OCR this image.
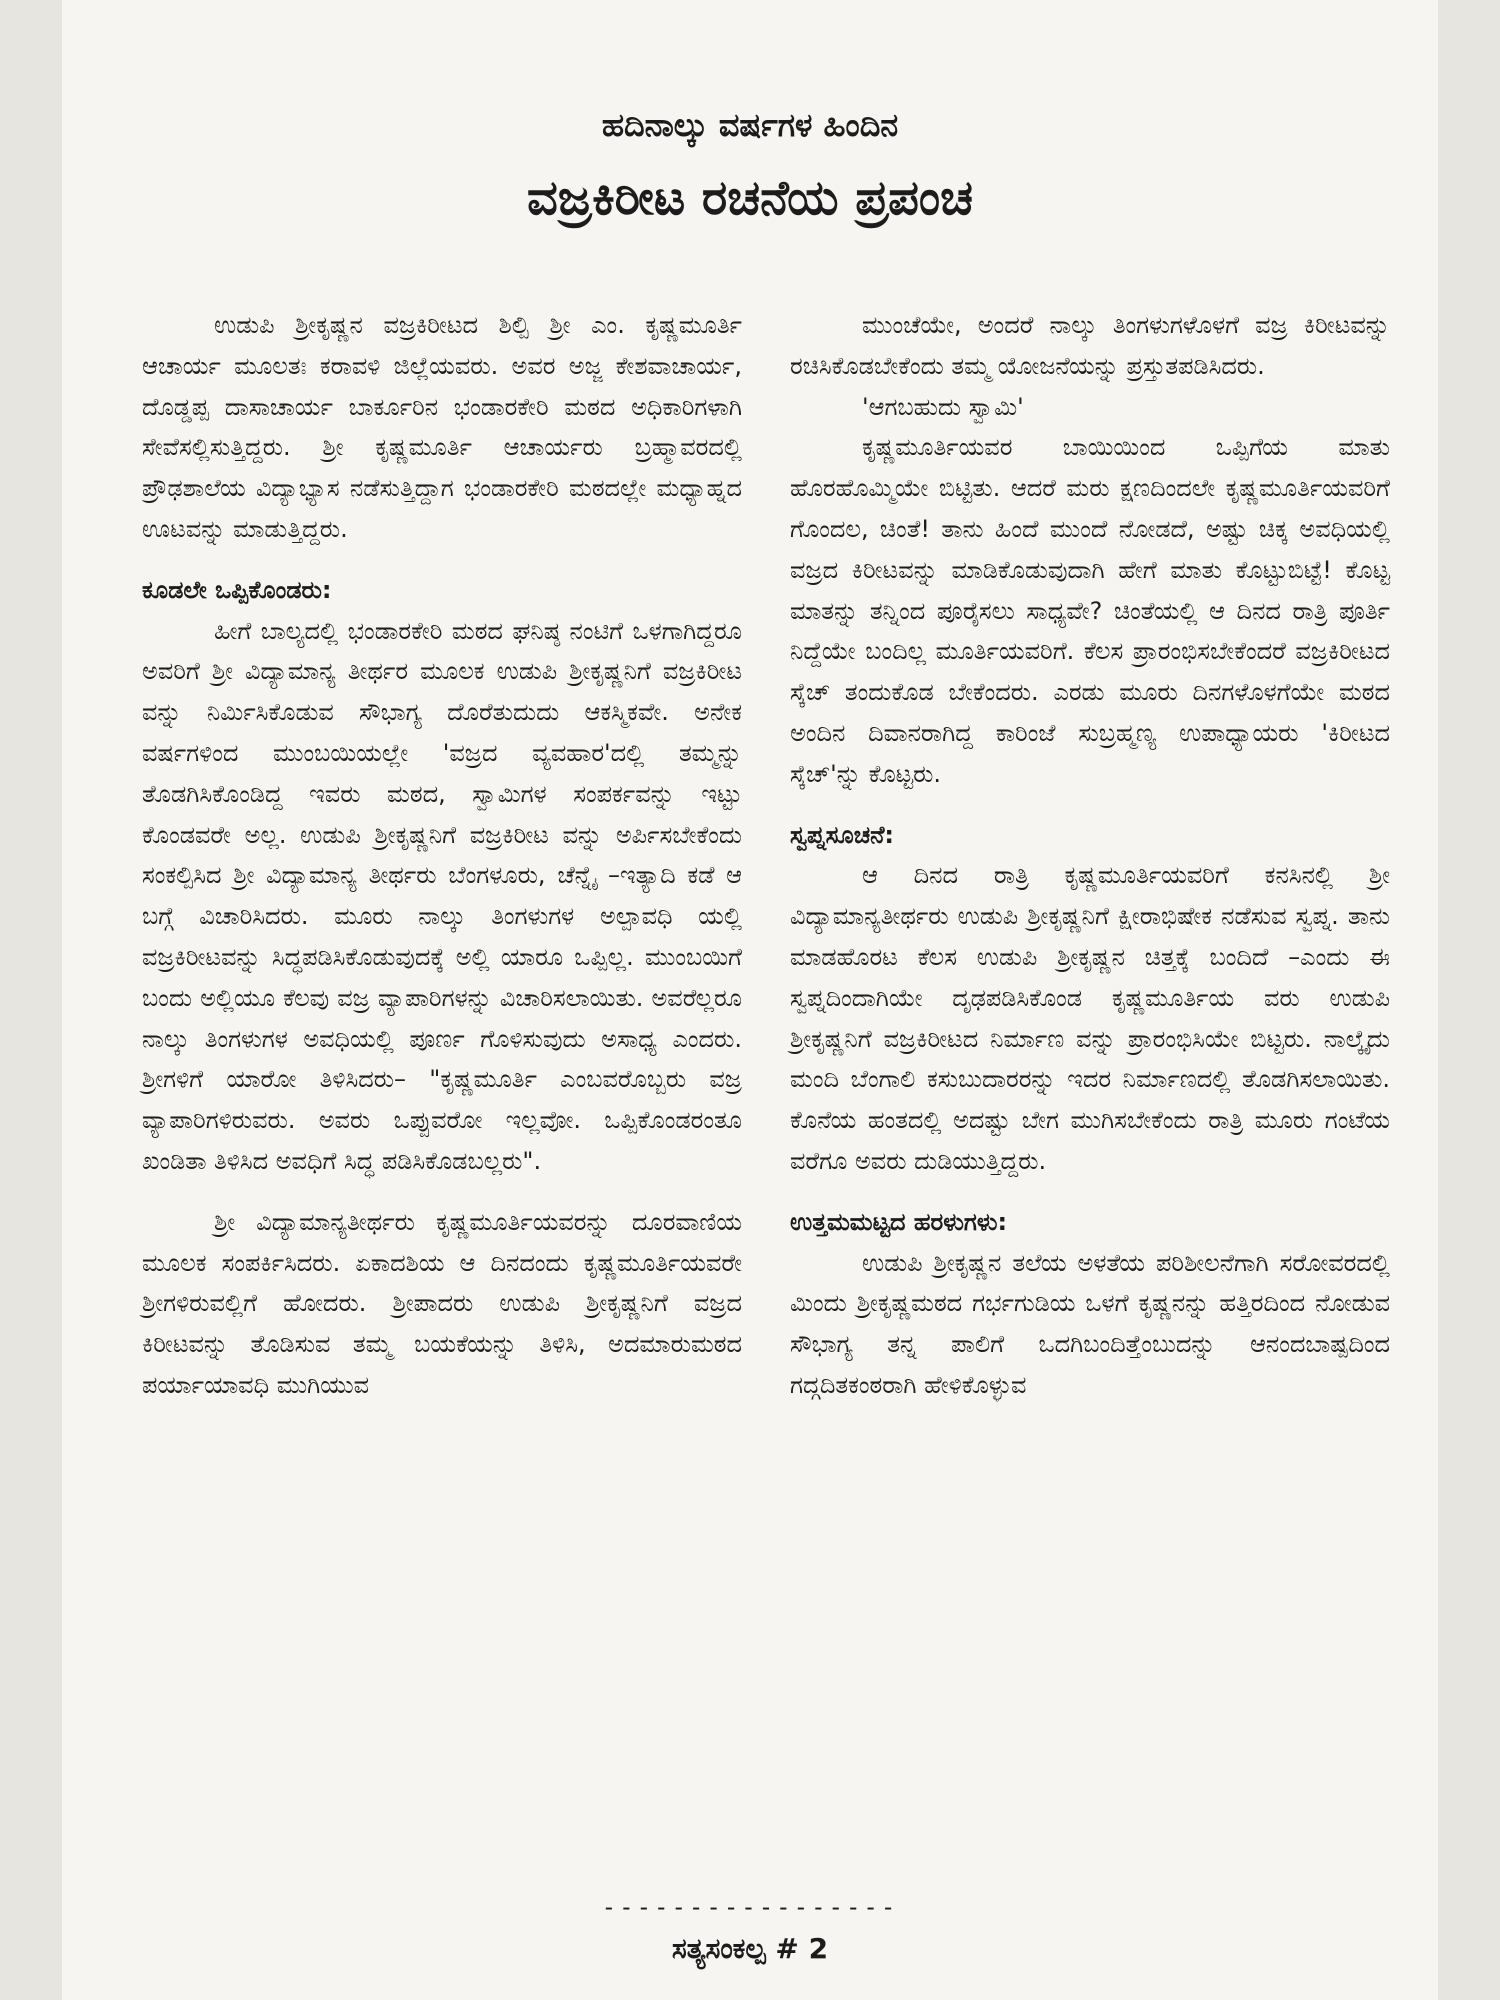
ಹದಿನಾಲ್ಕು ವರ್ಷಗಳ ಹಿಂದಿನ
ವಜ್ರಕಿರೀಟ ರಚನೆಯ ಪ್ರಪಂಚ

ಉಡುಪಿ ಶ್ರೀಕೃಷ್ಣನ ವಜ್ರಕಿರೀಟದ ಶಿಲ್ಪಿ ಶ್ರೀ ಎಂ. ಕೃಷ್ಣಮೂರ್ತಿ ಆಚಾರ್ಯ ಮೂಲತಃ ಕರಾವಳಿ ಜಿಲ್ಲೆಯವರು. ಅವರ ಅಜ್ಜ ಕೇಶವಾಚಾರ್ಯ, ದೊಡ್ಡಪ್ಪ ದಾಸಾಚಾರ್ಯ ಬಾರ್ಕೂರಿನ ಭಂಡಾರಕೇರಿ ಮಠದ ಅಧಿಕಾರಿಗಳಾಗಿ ಸೇವೆಸಲ್ಲಿಸುತ್ತಿದ್ದರು. ಶ್ರೀ ಕೃಷ್ಣಮೂರ್ತಿ ಆಚಾರ್ಯರು ಬ್ರಹ್ಮಾವರದಲ್ಲಿ ಪ್ರೌಢಶಾಲೆಯ ವಿದ್ಯಾಭ್ಯಾಸ ನಡೆಸುತ್ತಿದ್ದಾಗ ಭಂಡಾರಕೇರಿ ಮಠದಲ್ಲೇ ಮಧ್ಯಾಹ್ನದ ಊಟವನ್ನು ಮಾಡುತ್ತಿದ್ದರು.

ಕೂಡಲೇ ಒಪ್ಪಿಕೊಂಡರು:

ಹೀಗೆ ಬಾಲ್ಯದಲ್ಲಿ ಭಂಡಾರಕೇರಿ ಮಠದ ಘನಿಷ್ಠ ನಂಟಿಗೆ ಒಳಗಾಗಿದ್ದರೂ ಅವರಿಗೆ ಶ್ರೀ ವಿದ್ಯಾಮಾನ್ಯ ತೀರ್ಥರ ಮೂಲಕ ಉಡುಪಿ ಶ್ರೀಕೃಷ್ಣನಿಗೆ ವಜ್ರಕಿರೀಟ ವನ್ನು ನಿರ್ಮಿಸಿಕೊಡುವ ಸೌಭಾಗ್ಯ ದೊರೆತುದುದು ಆಕಸ್ಮಿಕವೇ. ಅನೇಕ ವರ್ಷಗಳಿಂದ ಮುಂಬಯಿಯಲ್ಲೇ 'ವಜ್ರದ ವ್ಯವಹಾರ'ದಲ್ಲಿ ತಮ್ಮನ್ನು ತೊಡಗಿಸಿಕೊಂಡಿದ್ದ ಇವರು ಮಠದ, ಸ್ವಾಮಿಗಳ ಸಂಪರ್ಕವನ್ನು ಇಟ್ಟು ಕೊಂಡವರೇ ಅಲ್ಲ. ಉಡುಪಿ ಶ್ರೀಕೃಷ್ಣನಿಗೆ ವಜ್ರಕಿರೀಟ ವನ್ನು ಅರ್ಪಿಸಬೇಕೆಂದು ಸಂಕಲ್ಪಿಸಿದ ಶ್ರೀ ವಿದ್ಯಾಮಾನ್ಯ ತೀರ್ಥರು ಬೆಂಗಳೂರು, ಚೆನ್ನೈ –ಇತ್ಯಾದಿ ಕಡೆ ಆ ಬಗ್ಗೆ ವಿಚಾರಿಸಿದರು. ಮೂರು ನಾಲ್ಕು ತಿಂಗಳುಗಳ ಅಲ್ಪಾವಧಿ ಯಲ್ಲಿ ವಜ್ರಕಿರೀಟವನ್ನು ಸಿದ್ಧಪಡಿಸಿಕೊಡುವುದಕ್ಕೆ ಅಲ್ಲಿ ಯಾರೂ ಒಪ್ಪಿಲ್ಲ. ಮುಂಬಯಿಗೆ ಬಂದು ಅಲ್ಲಿಯೂ ಕೆಲವು ವಜ್ರ ವ್ಯಾಪಾರಿಗಳನ್ನು ವಿಚಾರಿಸಲಾಯಿತು. ಅವರೆಲ್ಲರೂ ನಾಲ್ಕು ತಿಂಗಳುಗಳ ಅವಧಿಯಲ್ಲಿ ಪೂರ್ಣ ಗೊಳಿಸುವುದು ಅಸಾಧ್ಯ ಎಂದರು. ಶ್ರೀಗಳಿಗೆ ಯಾರೋ ತಿಳಿಸಿದರು– "ಕೃಷ್ಣಮೂರ್ತಿ ಎಂಬವರೊಬ್ಬರು ವಜ್ರ ವ್ಯಾಪಾರಿಗಳಿರುವರು. ಅವರು ಒಪ್ಪುವರೋ ಇಲ್ಲವೋ. ಒಪ್ಪಿಕೊಂಡರಂತೂ ಖಂಡಿತಾ ತಿಳಿಸಿದ ಅವಧಿಗೆ ಸಿದ್ಧ ಪಡಿಸಿಕೊಡಬಲ್ಲರು".

ಶ್ರೀ ವಿದ್ಯಾಮಾನ್ಯತೀರ್ಥರು ಕೃಷ್ಣಮೂರ್ತಿಯವರನ್ನು ದೂರವಾಣಿಯ ಮೂಲಕ ಸಂಪರ್ಕಿಸಿದರು. ಏಕಾದಶಿಯ ಆ ದಿನದಂದು ಕೃಷ್ಣಮೂರ್ತಿಯವರೇ ಶ್ರೀಗಳಿರುವಲ್ಲಿಗೆ ಹೋದರು. ಶ್ರೀಪಾದರು ಉಡುಪಿ ಶ್ರೀಕೃಷ್ಣನಿಗೆ ವಜ್ರದ ಕಿರೀಟವನ್ನು ತೊಡಿಸುವ ತಮ್ಮ ಬಯಕೆಯನ್ನು ತಿಳಿಸಿ, ಅದಮಾರುಮಠದ ಪರ್ಯಾಯಾವಧಿ ಮುಗಿಯುವ

ಮುಂಚೆಯೇ, ಅಂದರೆ ನಾಲ್ಕು ತಿಂಗಳುಗಳೊಳಗೆ ವಜ್ರ ಕಿರೀಟವನ್ನು ರಚಿಸಿಕೊಡಬೇಕೆಂದು ತಮ್ಮ ಯೋಜನೆಯನ್ನು ಪ್ರಸ್ತುತಪಡಿಸಿದರು.

'ಆಗಬಹುದು ಸ್ವಾಮಿ'

ಕೃಷ್ಣಮೂರ್ತಿಯವರ ಬಾಯಿಯಿಂದ ಒಪ್ಪಿಗೆಯ ಮಾತು ಹೊರಹೊಮ್ಮಿಯೇ ಬಿಟ್ಟಿತು. ಆದರೆ ಮರು ಕ್ಷಣದಿಂದಲೇ ಕೃಷ್ಣಮೂರ್ತಿಯವರಿಗೆ ಗೊಂದಲ, ಚಿಂತೆ! ತಾನು ಹಿಂದೆ ಮುಂದೆ ನೋಡದೆ, ಅಷ್ಟು ಚಿಕ್ಕ ಅವಧಿಯಲ್ಲಿ ವಜ್ರದ ಕಿರೀಟವನ್ನು ಮಾಡಿಕೊಡುವುದಾಗಿ ಹೇಗೆ ಮಾತು ಕೊಟ್ಟುಬಿಟ್ಟೆ! ಕೊಟ್ಟ ಮಾತನ್ನು ತನ್ನಿಂದ ಪೂರೈಸಲು ಸಾಧ್ಯವೇ? ಚಿಂತೆಯಲ್ಲಿ ಆ ದಿನದ ರಾತ್ರಿ ಪೂರ್ತಿ ನಿದ್ದೆಯೇ ಬಂದಿಲ್ಲ ಮೂರ್ತಿಯವರಿಗೆ. ಕೆಲಸ ಪ್ರಾರಂಭಿಸಬೇಕೆಂದರೆ ವಜ್ರಕಿರೀಟದ ಸ್ಕೆಚ್ ತಂದುಕೊಡ ಬೇಕೆಂದರು. ಎರಡು ಮೂರು ದಿನಗಳೊಳಗೆಯೇ ಮಠದ ಅಂದಿನ ದಿವಾನರಾಗಿದ್ದ ಕಾರಿಂಜೆ ಸುಬ್ರಹ್ಮಣ್ಯ ಉಪಾಧ್ಯಾಯರು 'ಕಿರೀಟದ ಸ್ಕೆಚ್'ನ್ನು ಕೊಟ್ಟರು.

ಸ್ವಪ್ನಸೂಚನೆ:

ಆ ದಿನದ ರಾತ್ರಿ ಕೃಷ್ಣಮೂರ್ತಿಯವರಿಗೆ ಕನಸಿನಲ್ಲಿ ಶ್ರೀ ವಿದ್ಯಾಮಾನ್ಯತೀರ್ಥರು ಉಡುಪಿ ಶ್ರೀಕೃಷ್ಣನಿಗೆ ಕ್ಷೀರಾಭಿಷೇಕ ನಡೆಸುವ ಸ್ವಪ್ನ. ತಾನು ಮಾಡಹೊರಟ ಕೆಲಸ ಉಡುಪಿ ಶ್ರೀಕೃಷ್ಣನ ಚಿತ್ತಕ್ಕೆ ಬಂದಿದೆ –ಎಂದು ಈ ಸ್ವಪ್ನದಿಂದಾಗಿಯೇ ದೃಢಪಡಿಸಿಕೊಂಡ ಕೃಷ್ಣಮೂರ್ತಿಯ ವರು ಉಡುಪಿ ಶ್ರೀಕೃಷ್ಣನಿಗೆ ವಜ್ರಕಿರೀಟದ ನಿರ್ಮಾಣ ವನ್ನು ಪ್ರಾರಂಭಿಸಿಯೇ ಬಿಟ್ಟರು. ನಾಲ್ಕೈದು ಮಂದಿ ಬೆಂಗಾಲಿ ಕಸುಬುದಾರರನ್ನು ಇದರ ನಿರ್ಮಾಣದಲ್ಲಿ ತೊಡಗಿಸಲಾಯಿತು. ಕೊನೆಯ ಹಂತದಲ್ಲಿ ಅದಷ್ಟು ಬೇಗ ಮುಗಿಸಬೇಕೆಂದು ರಾತ್ರಿ ಮೂರು ಗಂಟೆಯ ವರೆಗೂ ಅವರು ದುಡಿಯುತ್ತಿದ್ದರು.

ಉತ್ತಮಮಟ್ಟದ ಹರಳುಗಳು:

ಉಡುಪಿ ಶ್ರೀಕೃಷ್ಣನ ತಲೆಯ ಅಳತೆಯ ಪರಿಶೀಲನೆಗಾಗಿ ಸರೋವರದಲ್ಲಿ ಮಿಂದು ಶ್ರೀಕೃಷ್ಣಮಠದ ಗರ್ಭಗುಡಿಯ ಒಳಗೆ ಕೃಷ್ಣನನ್ನು ಹತ್ತಿರದಿಂದ ನೋಡುವ ಸೌಭಾಗ್ಯ ತನ್ನ ಪಾಲಿಗೆ ಒದಗಿಬಂದಿತ್ತೆಂಬುದನ್ನು ಆನಂದಬಾಷ್ಪದಿಂದ ಗದ್ಗದಿತಕಂಠರಾಗಿ ಹೇಳಿಕೊಳ್ಳುವ

-----------------
ಸತ್ಯಸಂಕಲ್ಪ # 2
